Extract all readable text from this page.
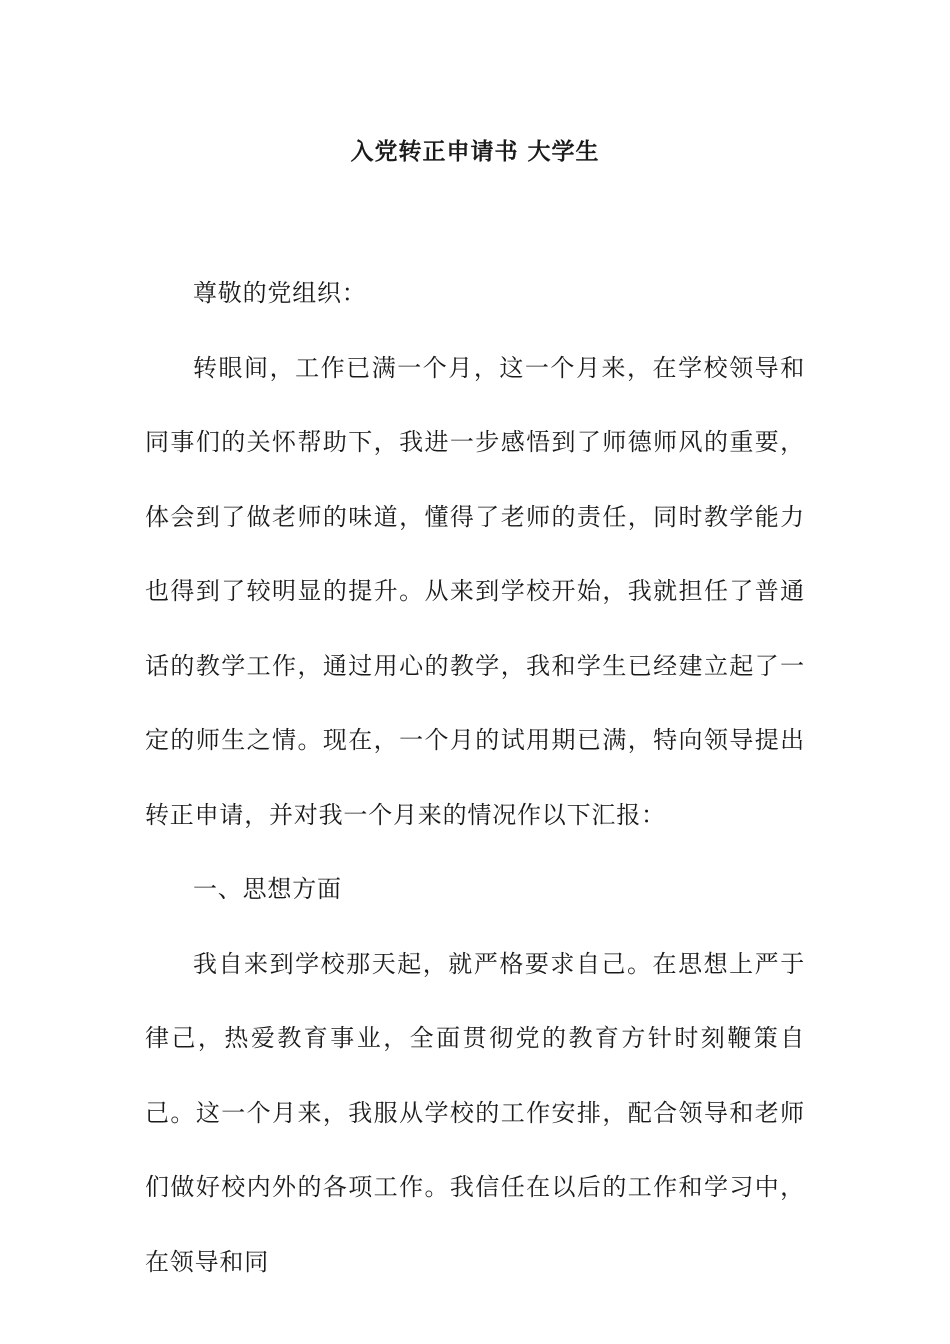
入党转正申请书 大学生

尊敬的党组织：

转眼间，工作已满一个月，这一个月来，在学校领导和同事们的关怀帮助下，我进一步感悟到了师德师风的重要，体会到了做老师的味道，懂得了老师的责任，同时教学能力也得到了较明显的提升。从来到学校开始，我就担任了普通话的教学工作，通过用心的教学，我和学生已经建立起了一定的师生之情。现在，一个月的试用期已满，特向领导提出转正申请，并对我一个月来的情况作以下汇报：

一、思想方面

我自来到学校那天起，就严格要求自己。在思想上严于律己，热爱教育事业，全面贯彻党的教育方针时刻鞭策自己。这一个月来，我服从学校的工作安排，配合领导和老师们做好校内外的各项工作。我信任在以后的工作和学习中，在领导和同
